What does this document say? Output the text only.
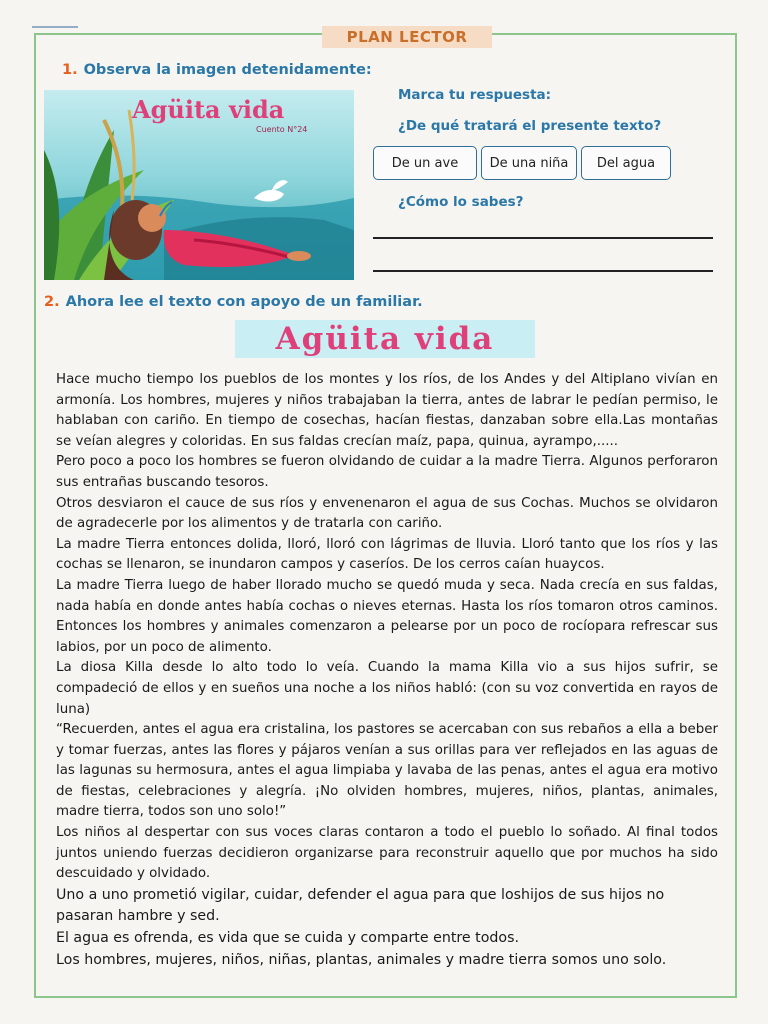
PLAN LECTOR
1. Observa la imagen detenidamente:
Agüita vida
Cuento N°24
Marca tu respuesta:
¿De qué tratará el presente texto?
De un ave	De una niña	Del agua
¿Cómo lo sabes?
2. Ahora lee el texto con apoyo de un familiar.
Agüita vida

Hace mucho tiempo los pueblos de los montes y los ríos, de los Andes y del Altiplano vivían en armonía. Los hombres, mujeres y niños trabajaban la tierra, antes de labrar le pedían permiso, le hablaban con cariño. En tiempo de cosechas, hacían fiestas, danzaban sobre ella.Las montañas se veían alegres y coloridas. En sus faldas crecían maíz, papa, quinua, ayrampo,.....

Pero poco a poco los hombres se fueron olvidando de cuidar a la madre Tierra. Algunos perforaron sus entrañas buscando tesoros.

Otros desviaron el cauce de sus ríos y envenenaron el agua de sus Cochas. Muchos se olvidaron de agradecerle por los alimentos y de tratarla con cariño.

La madre Tierra entonces dolida, lloró, lloró con lágrimas de lluvia. Lloró tanto que los ríos y las cochas se llenaron, se inundaron campos y caseríos. De los cerros caían huaycos.

La madre Tierra luego de haber llorado mucho se quedó muda y seca. Nada crecía en sus faldas, nada había en donde antes había cochas o nieves eternas. Hasta los ríos tomaron otros caminos. Entonces los hombres y animales comenzaron a pelearse por un poco de rocíopara refrescar sus labios, por un poco de alimento.

La diosa Killa desde lo alto todo lo veía. Cuando la mama Killa vio a sus hijos sufrir, se compadeció de ellos y en sueños una noche a los niños habló: (con su voz convertida en rayos de luna)

“Recuerden, antes el agua era cristalina, los pastores se acercaban con sus rebaños a ella a beber y tomar fuerzas, antes las flores y pájaros venían a sus orillas para ver reflejados en las aguas de las lagunas su hermosura, antes el agua limpiaba y lavaba de las penas, antes el agua era motivo de fiestas, celebraciones y alegría. ¡No olviden hombres, mujeres, niños, plantas, animales, madre tierra, todos son uno solo!”

Los niños al despertar con sus voces claras contaron a todo el pueblo lo soñado. Al final todos juntos uniendo fuerzas decidieron organizarse para reconstruir aquello que por muchos ha sido descuidado y olvidado.

Uno a uno prometió vigilar, cuidar, defender el agua para que loshijos de sus hijos no pasaran hambre y sed.

El agua es ofrenda, es vida que se cuida y comparte entre todos.

Los hombres, mujeres, niños, niñas, plantas, animales y madre tierra somos uno solo.
